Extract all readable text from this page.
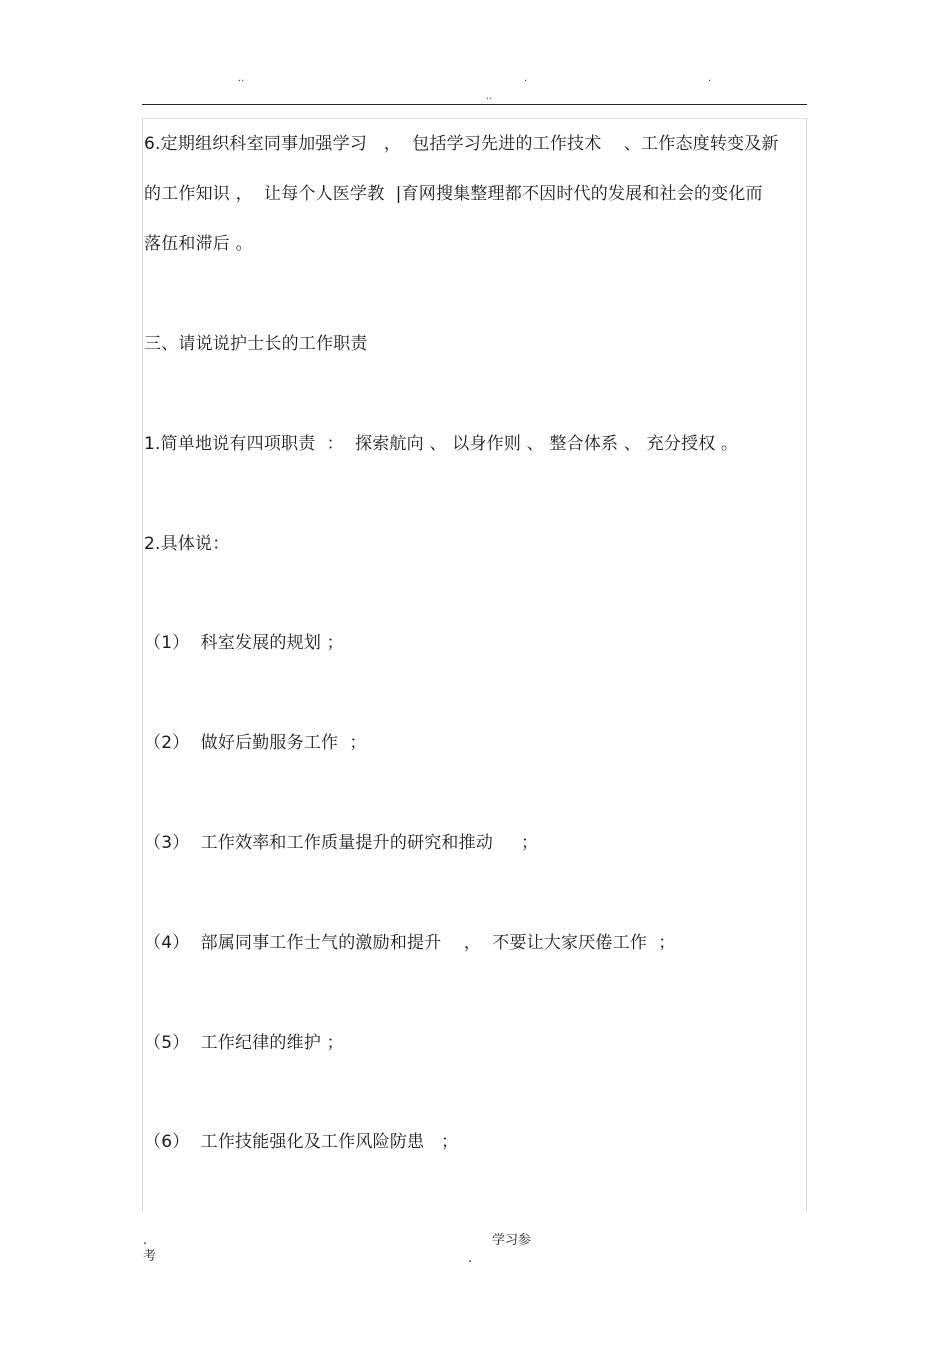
..	.	.
..
6.定期组织科室同事加强学习   ，  包括学习先进的工作技术    、工作态度转变及新
的工作知识 ，  让每个人医学教  |育网搜集整理都不因时代的发展和社会的变化而
落伍和滞后 。
三、请说说护士长的工作职责
1.简单地说有四项职责  ：  探索航向 、 以身作则 、 整合体系 、 充分授权 。
2.具体说：
（1）  科室发展的规划 ；
（2）  做好后勤服务工作  ；
（3）  工作效率和工作质量提升的研究和推动     ；
（4）  部属同事工作士气的激励和提升    ，  不要让大家厌倦工作  ；
（5）  工作纪律的维护 ；
（6）  工作技能强化及工作风险防患   ；
.	学习参
考	.
